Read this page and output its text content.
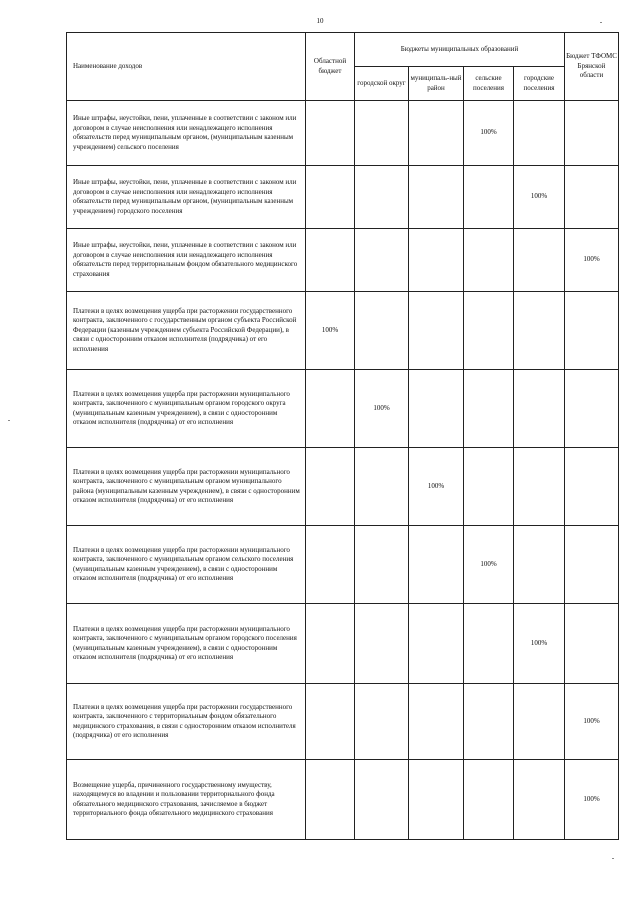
10
Наименование доходов	Областной бюджет	Бюджеты муниципальных образований				Бюджет ТФОМС Брянской области
		городской округ	муниципаль-ный район	сельские поселения	городские поселения	
Иные штрафы, неустойки, пени, уплаченные в соответствии с законом или договором в случае неисполнения или ненадлежащего исполнения обязательств перед муниципальным органом, (муниципальным казенным учреждением) сельского поселения				100%		
Иные штрафы, неустойки, пени, уплаченные в соответствии с законом или договором в случае неисполнения или ненадлежащего исполнения обязательств перед муниципальным органом, (муниципальным казенным учреждением) городского поселения					100%	
Иные штрафы, неустойки, пени, уплаченные в соответствии с законом или договором в случае неисполнения или ненадлежащего исполнения обязательств перед территориальным фондом обязательного медицинского страхования						100%
Платежи в целях возмещения ущерба при расторжении государственного контракта, заключенного с государственным органом субъекта Российской Федерации (казенным учреждением субъекта Российской Федерации), в связи с односторонним отказом исполнителя (подрядчика) от его исполнения	100%					
Платежи в целях возмещения ущерба при расторжении муниципального контракта, заключенного с муниципальным органом городского округа (муниципальным казенным учреждением), в связи с односторонним отказом исполнителя (подрядчика) от его исполнения		100%				
Платежи в целях возмещения ущерба при расторжении муниципального контракта, заключенного с муниципальным органом муниципального района (муниципальным казенным учреждением), в связи с односторонним отказом исполнителя (подрядчика) от его исполнения			100%			
Платежи в целях возмещения ущерба при расторжении муниципального контракта, заключенного с муниципальным органом сельского поселения (муниципальным казенным учреждением), в связи с односторонним отказом исполнителя (подрядчика) от его исполнения				100%		
Платежи в целях возмещения ущерба при расторжении муниципального контракта, заключенного с муниципальным органом городского поселения (муниципальным казенным учреждением), в связи с односторонним отказом исполнителя (подрядчика) от его исполнения					100%	
Платежи в целях возмещения ущерба при расторжении государственного контракта, заключенного с территориальным фондом обязательного медицинского страхования, в связи с односторонним отказом исполнителя (подрядчика) от его исполнения						100%
Возмещение ущерба, причиненного государственному имуществу, находящемуся во владении и пользовании территориального фонда обязательного медицинского страхования, зачисляемое в бюджет территориального фонда обязательного медицинского страхования						100%
